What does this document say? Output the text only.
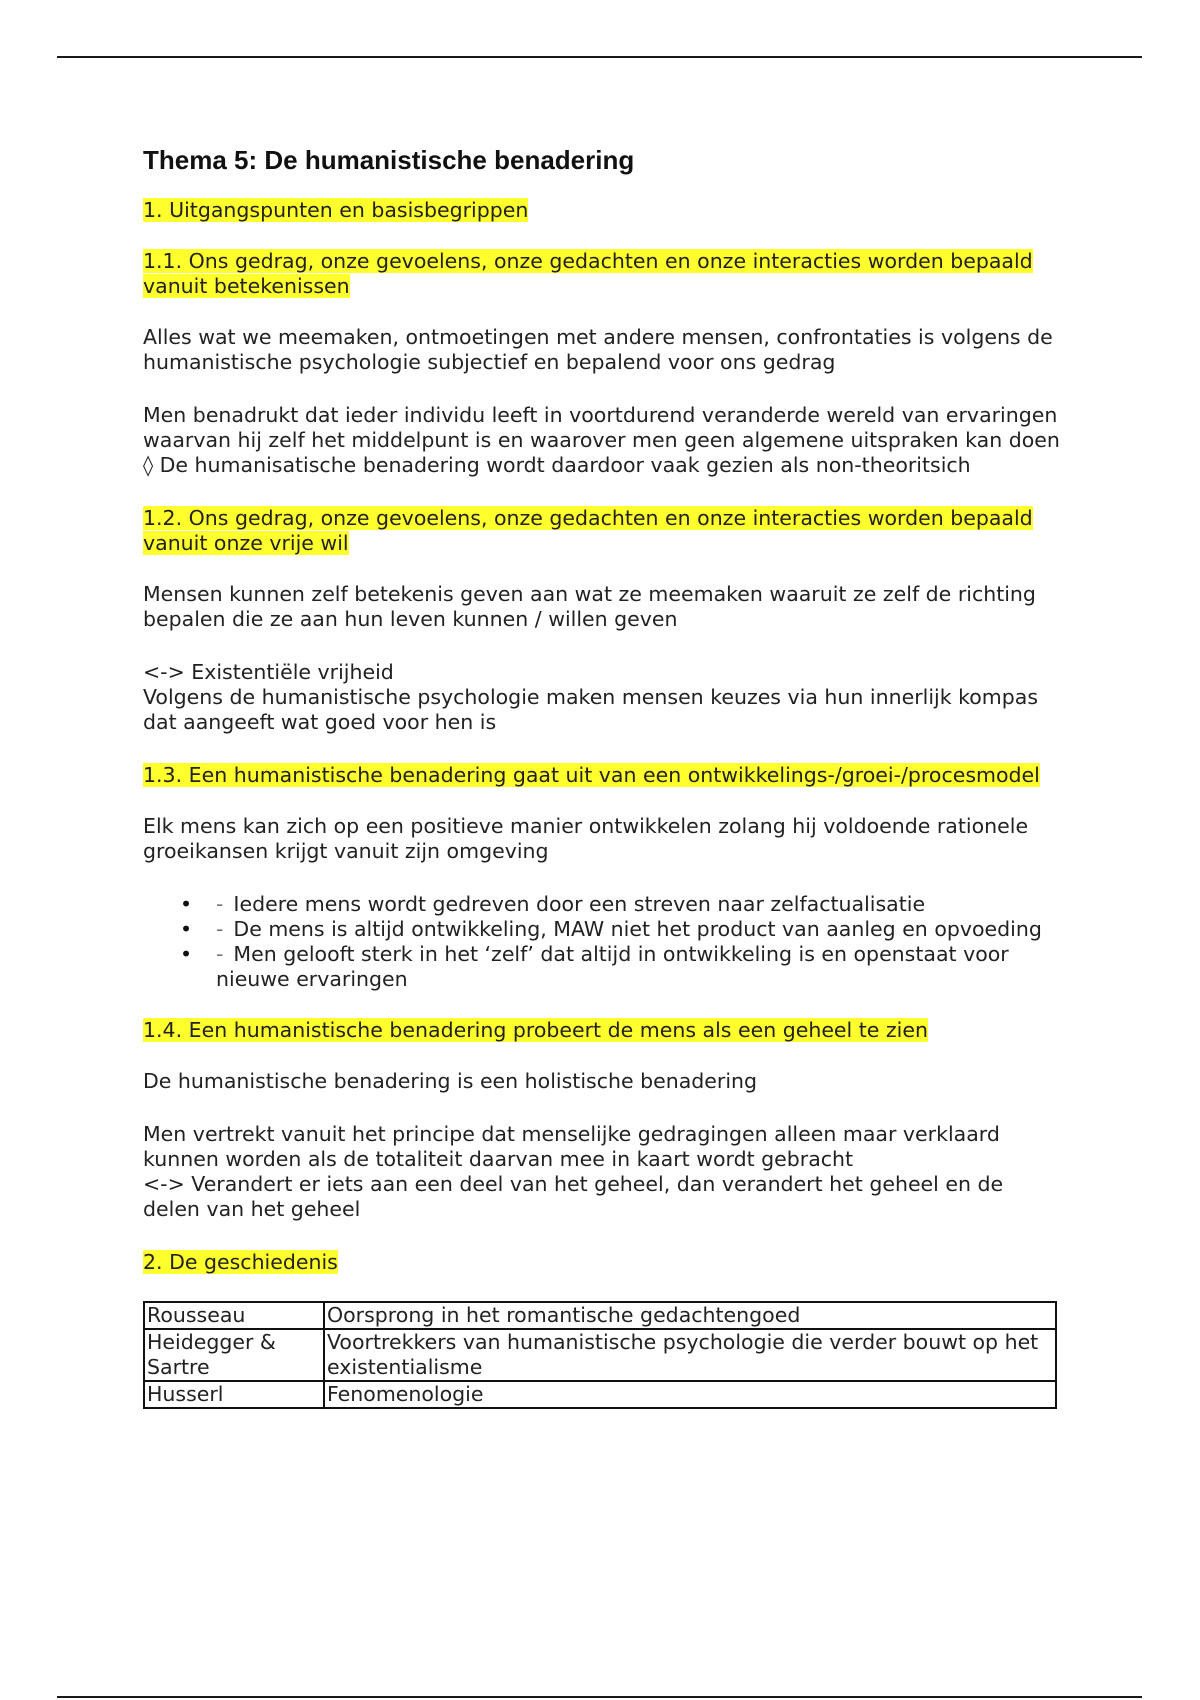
Thema 5: De humanistische benadering
1. Uitgangspunten en basisbegrippen
1.1. Ons gedrag, onze gevoelens, onze gedachten en onze interacties worden bepaald vanuit betekenissen

Alles wat we meemaken, ontmoetingen met andere mensen, confrontaties is volgens de humanistische psychologie subjectief en bepalend voor ons gedrag

Men benadrukt dat ieder individu leeft in voortdurend veranderde wereld van ervaringen waarvan hij zelf het middelpunt is en waarover men geen algemene uitspraken kan doen ◊ De humanisatische benadering wordt daardoor vaak gezien als non-theoritsich

1.2. Ons gedrag, onze gevoelens, onze gedachten en onze interacties worden bepaald vanuit onze vrije wil

Mensen kunnen zelf betekenis geven aan wat ze meemaken waaruit ze zelf de richting bepalen die ze aan hun leven kunnen / willen geven

<-> Existentiële vrijheid
Volgens de humanistische psychologie maken mensen keuzes via hun innerlijk kompas dat aangeeft wat goed voor hen is

1.3. Een humanistische benadering gaat uit van een ontwikkelings-/groei-/procesmodel

Elk mens kan zich op een positieve manier ontwikkelen zolang hij voldoende rationele groeikansen krijgt vanuit zijn omgeving

• - Iedere mens wordt gedreven door een streven naar zelfactualisatie
• - De mens is altijd ontwikkeling, MAW niet het product van aanleg en opvoeding
• - Men gelooft sterk in het ‘zelf’ dat altijd in ontwikkeling is en openstaat voor nieuwe ervaringen
1.4. Een humanistische benadering probeert de mens als een geheel te zien

De humanistische benadering is een holistische benadering

Men vertrekt vanuit het principe dat menselijke gedragingen alleen maar verklaard kunnen worden als de totaliteit daarvan mee in kaart wordt gebracht
<-> Verandert er iets aan een deel van het geheel, dan verandert het geheel en de delen van het geheel

2. De geschiedenis
Rousseau	Oorsprong in het romantische gedachtengoed
Heidegger & Sartre	Voortrekkers van humanistische psychologie die verder bouwt op het existentialisme
Husserl	Fenomenologie
